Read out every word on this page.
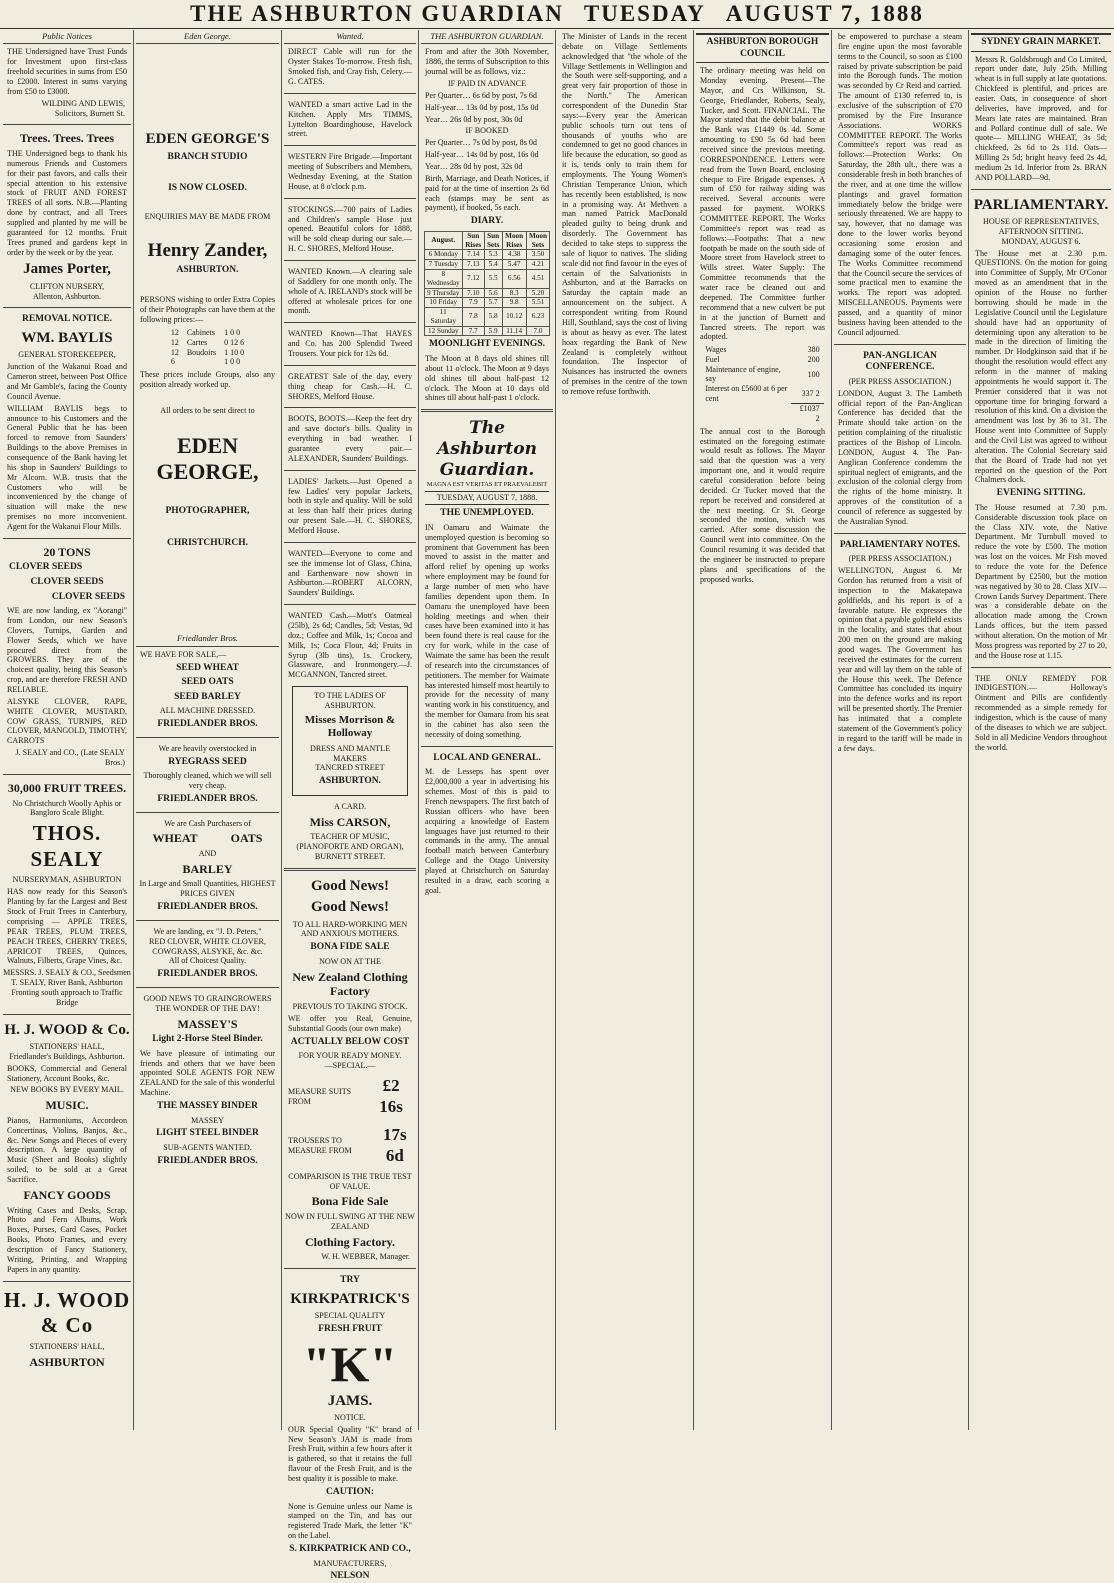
THE ASHBURTON GUARDIAN TUESDAY AUGUST 7, 1888
Public Notices
THE Undersigned have Trust Funds for Investment upon first-class freehold securities in sums from £50 to £2000. Interest in sums varying from £50 to £3000.
WILDING AND LEWIS, Solicitors, Burnett St.
Trees. Trees. Trees
THE Undersigned begs to thank his numerous Friends and Customers for their past favors, and calls their special attention to his extensive stock of FRUIT AND FOREST TREES of all sorts. N.B.—Planting done by contract, and all Trees supplied and planted by me will be guaranteed for 12 months. Fruit Trees pruned and gardens kept in order by the week or by the year.
James Porter,
CLIFTON NURSERY,
Allenton, Ashburton.
REMOVAL NOTICE.
WM. BAYLIS
GENERAL STOREKEEPER,
Junction of the Wakanui Road and Cameron street, between Post Office and Mr Gamble's, facing the County Council Avenue.
WILLIAM BAYLIS begs to announce to his Customers and the General Public that he has been forced to remove from Saunders' Buildings to the above Premises in consequence of the Bank having let his shop in Saunders' Buildings to Mr Alcorn. W.B. trusts that the Customers who will be inconvenienced by the change of situation will make the new premises no more inconvenient. Agent for the Wakanui Flour Mills.
20 TONS
CLOVER SEEDS
CLOVER SEEDS
CLOVER SEEDS
WE are now landing, ex "Aorangi" from London, our new Season's Clovers, Turnips, Garden and Flower Seeds, which we have procured direct from the GROWERS. They are of the choicest quality, being this Season's crop, and are therefore FRESH AND RELIABLE.
ALSYKE CLOVER, RAPE, WHITE CLOVER, MUSTARD, COW GRASS, TURNIPS, RED CLOVER, MANGOLD, TIMOTHY, CARROTS
J. SEALY and CO., (Late SEALY Bros.)
30,000 FRUIT TREES.
No Christchurch Woolly Aphis or Bangloro Scale Blight.
THOS. SEALY
NURSERYMAN, ASHBURTON
HAS now ready for this Season's Planting by far the Largest and Best Stock of Fruit Trees in Canterbury, comprising — APPLE TREES, PEAR TREES, PLUM TREES, PEACH TREES, CHERRY TREES, APRICOT TREES, Quinces, Walnuts, Filberts, Grape Vines, &c.
MESSRS. J. SEALY & CO., Seedsmen
T. SEALY, River Bank, Ashburton
Fronting south approach to Traffic Bridge
H. J. WOOD & Co.
STATIONERS' HALL,
Friedlander's Buildings, Ashburton.
BOOKS, Commercial and General Stationery, Account Books, &c.
NEW BOOKS BY EVERY MAIL.
MUSIC.
Pianos, Harmoniums, Accordeon Concertinas, Violins, Banjos, &c., &c. New Songs and Pieces of every description. A large quantity of Music (Sheet and Books) slightly soiled, to be sold at a Great Sacrifice.
FANCY GOODS
Writing Cases and Desks, Scrap, Photo and Fern Albums, Work Boxes, Purses, Card Cases, Pocket Books, Photo Frames, and every description of Fancy Stationery, Writing, Printing, and Wrapping Papers in any quantity.
H. J. WOOD & Co
STATIONERS' HALL,
ASHBURTON
Eden George.
EDEN GEORGE'S
BRANCH STUDIO
IS NOW CLOSED.
ENQUIRIES MAY BE MADE FROM
Henry Zander,
ASHBURTON.
PERSONS wishing to order Extra Copies of their Photographs can have them at the following prices:—
12	Cabinets	1 0 0
12	Cartes	0 12 6
12	Boudoirs	1 10 0
6		1 0 0
These prices include Groups, also any position already worked up.
All orders to be sent direct to
EDEN GEORGE,
PHOTOGRAPHER,
CHRISTCHURCH.
Friedlander Bros.
WE HAVE FOR SALE,—
SEED WHEAT
SEED OATS
SEED BARLEY
ALL MACHINE DRESSED.
FRIEDLANDER BROS.
We are heavily overstocked in
RYEGRASS SEED
Thoroughly cleaned, which we will sell very cheap.
FRIEDLANDER BROS.
We are Cash Purchasers of
WHEAT	OATS
AND
BARLEY
In Large and Small Quantities, HIGHEST PRICES GIVEN
FRIEDLANDER BROS.
We are landing, ex "J. D. Peters,"
RED CLOVER, WHITE CLOVER,
COWGRASS, ALSYKE, &c. &c.
All of Choicest Quality.
FRIEDLANDER BROS.
GOOD NEWS TO GRAINGROWERS
THE WONDER OF THE DAY!
MASSEY'S
Light 2-Horse Steel Binder.
We have pleasure of intimating our friends and others that we have been appointed SOLE AGENTS FOR NEW ZEALAND for the sale of this wonderful Machine.
THE MASSEY BINDER
MASSEY
LIGHT STEEL BINDER
SUB-AGENTS WANTED.
FRIEDLANDER BROS.
Wanted.
DIRECT Cable will run for the Oyster Stakes To-morrow. Fresh fish, Smoked fish, and Cray fish, Celery.—G. CATES.
WANTED a smart active Lad in the Kitchen. Apply Mrs TIMMS, Lyttelton Boardinghouse, Havelock street.
WESTERN Fire Brigade.—Important meeting of Subscribers and Members, Wednesday Evening, at the Station House, at 8 o'clock p.m.
STOCKINGS.—700 pairs of Ladies and Children's sample Hose just opened. Beautiful colors for 1888, will be sold cheap during our sale.—H. C. SHORES, Melford House.
WANTED Known.—A clearing sale of Saddlery for one month only. The whole of A. IRELAND's stock will be offered at wholesale prices for one month.
WANTED Known—That HAYES and Co. has 200 Splendid Tweed Trousers. Your pick for 12s 6d.
GREATEST Sale of the day, every thing cheap for Cash.—H. C. SHORES, Melford House.
BOOTS, BOOTS.—Keep the feet dry and save doctor's bills. Quality in everything in bad weather. I guarantee every pair.—ALEXANDER, Saunders' Buildings.
LADIES' Jackets.—Just Opened a few Ladies' very popular Jackets, both in style and quality. Will be sold at less than half their prices during our present Sale.—H. C. SHORES, Melford House.
WANTED—Everyone to come and see the immense lot of Glass, China, and Earthenware now shown in Ashburton.—ROBERT ALCORN, Saunders' Buildings.
WANTED Cash.—Mott's Oatmeal (25lb), 2s 6d; Candles, 5d; Vestas, 9d doz.; Coffee and Milk, 1s; Cocoa and Milk, 1s; Coca Flour, 4d; Fruits in Syrup (3lb tins), 1s. Crockery, Glassware, and Ironmongery.—J. MCGANNON, Tancred street.
TO THE LADIES OF ASHBURTON.
Misses Morrison & Holloway
DRESS AND MANTLE MAKERS
TANCRED STREET
ASHBURTON.
A CARD.
Miss CARSON,
TEACHER OF MUSIC,
(PIANOFORTE AND ORGAN),
BURNETT STREET.
Good News!
Good News!
TO ALL HARD-WORKING MEN AND ANXIOUS MOTHERS.
BONA FIDE SALE
NOW ON AT THE
New Zealand Clothing Factory
PREVIOUS TO TAKING STOCK.
WE offer you Real, Genuine, Substantial Goods (our own make)
ACTUALLY BELOW COST
FOR YOUR READY MONEY.
—SPECIAL.—
MEASURE SUITS FROM
£2 16s
TROUSERS TO MEASURE FROM
17s 6d
COMPARISON IS THE TRUE TEST OF VALUE.
Bona Fide Sale
NOW IN FULL SWING AT THE NEW ZEALAND
Clothing Factory.
W. H. WEBBER, Manager.
TRY
KIRKPATRICK'S
SPECIAL QUALITY
FRESH FRUIT
"K"
JAMS.
NOTICE.
OUR Special Quality "K" brand of New Season's JAM is made from Fresh Fruit, within a few hours after it is gathered, so that it retains the full flavour of the Fresh Fruit, and is the best quality it is possible to make.
CAUTION:
None is Genuine unless our Name is stamped on the Tin, and has our registered Trade Mark, the letter "K" on the Label.
S. KIRKPATRICK AND CO.,
MANUFACTURERS,
NELSON
THE ASHBURTON GUARDIAN.
From and after the 30th November, 1886, the terms of Subscription to this journal will be as follows, viz.:
IF PAID IN ADVANCE
Per Quarter… 6s 6d by post, 7s 6d
Half-year… 13s 0d by post, 15s 0d
Year… 26s 0d by post, 30s 0d
IF BOOKED
Per Quarter… 7s 0d by post, 8s 0d
Half-year… 14s 0d by post, 16s 0d
Year… 28s 0d by post, 32s 0d
Birth, Marriage, and Death Notices, if paid for at the time of insertion 2s 6d each (stamps may be sent as payment), if booked, 5s each.
DIARY.
August.	Sun Rises	Sun Sets	Moon Rises	Moon Sets
6 Monday	7.14	5.3	4.38	3.50
7 Tuesday	7.13	5.4	5.47	4.21
8 Wednesday	7.12	5.5	6.56	4.51
9 Thursday	7.10	5.6	8.3	5.20
10 Friday	7.9	5.7	9.8	5.51
11 Saturday	7.8	5.8	10.12	6.23
12 Sunday	7.7	5.9	11.14	7.0
MOONLIGHT EVENINGS.
The Moon at 8 days old shines till about 11 o'clock. The Moon at 9 days old shines till about half-past 12 o'clock. The Moon at 10 days old shines till about half-past 1 o'clock.
The Ashburton Guardian.
MAGNA EST VERITAS ET PRAEVALEBIT
TUESDAY, AUGUST 7, 1888.
THE UNEMPLOYED.
IN Oamaru and Waimate the unemployed question is becoming so prominent that Government has been moved to assist in the matter and afford relief by opening up works where employment may be found for a large number of men who have families dependent upon them. In Oamaru the unemployed have been holding meetings and when their cases have been examined into it has been found there is real cause for the cry for work, while in the case of Waimate the same has been the result of research into the circumstances of petitioners. The member for Waimate has interested himself most heartily to provide for the necessity of many wanting work in his constituency, and the member for Oamaru from his seat in the cabinet has also seen the necessity of doing something.
LOCAL AND GENERAL.
M. de Lesseps has spent over £2,000,000 a year in advertising his schemes. Most of this is paid to French newspapers. The first batch of Russian officers who have been acquiring a knowledge of Eastern languages have just returned to their commands in the army. The annual football match between Canterbury College and the Otago University played at Christchurch on Saturday resulted in a draw, each scoring a goal.
The Minister of Lands in the recent debate on Village Settlements acknowledged that "the whole of the Village Settlements in Wellington and the South were self-supporting, and a great very fair proportion of those in the North." The American correspondent of the Dunedin Star says:—Every year the American public schools turn out tens of thousands of youths who are condemned to get no good chances in life because the education, so good as it is, tends only to train them for employments. The Young Women's Christian Temperance Union, which has recently been established, is now in a promising way. At Methven a man named Patrick MacDonald pleaded guilty to being drunk and disorderly. The Government has decided to take steps to suppress the sale of liquor to natives. The sliding scale did not find favour in the eyes of certain of the Salvationists in Ashburton, and at the Barracks on Saturday the captain made an announcement on the subject. A correspondent writing from Round Hill, Southland, says the cost of living is about as heavy as ever. The latest hoax regarding the Bank of New Zealand is completely without foundation. The Inspector of Nuisances has instructed the owners of premises in the centre of the town to remove refuse forthwith.
ASHBURTON BOROUGH COUNCIL
The ordinary meeting was held on Monday evening. Present—The Mayor, and Crs Wilkinson, St. George, Friedlander, Roberts, Sealy, Tucker, and Scott. FINANCIAL. The Mayor stated that the debit balance at the Bank was £1449 0s 4d. Some amounting to £90 5s 6d had been received since the previous meeting. CORRESPONDENCE. Letters were read from the Town Board, enclosing cheque to Fire Brigade expenses. A sum of £50 for railway siding was received. Several accounts were passed for payment. WORKS COMMITTEE REPORT. The Works Committee's report was read as follows:—Footpaths: That a new footpath be made on the south side of Moore street from Havelock street to Wills street. Water Supply: The Committee recommends that the water race be cleaned out and deepened. The Committee further recommend that a new culvert be put in at the junction of Burnett and Tancred streets. The report was adopted.
Wages	380
Fuel	200
Maintenance of engine, say	100
Interest on £5600 at 6 per cent	337 2
	£1037 2
The annual cost to the Borough estimated on the foregoing estimate would result as follows. The Mayor said that the question was a very important one, and it would require careful consideration before being decided. Cr Tucker moved that the report be received and considered at the next meeting. Cr St. George seconded the motion, which was carried. After some discussion the Council went into committee. On the Council resuming it was decided that the engineer be instructed to prepare plans and specifications of the proposed works.
be empowered to purchase a steam fire engine upon the most favorable terms to the Council, so soon as £100 raised by private subscription be paid into the Borough funds. The motion was seconded by Cr Reid and carried. The amount of £130 referred to, is exclusive of the subscription of £70 promised by the Fire Insurance Associations. WORKS COMMITTEE REPORT. The Works Committee's report was read as follows:—Protection Works: On Saturday, the 28th ult., there was a considerable fresh in both branches of the river, and at one time the willow plantings and gravel formation immediately below the bridge were seriously threatened. We are happy to say, however, that no damage was done to the lower works beyond occasioning some erosion and damaging some of the outer fences. The Works Committee recommend that the Council secure the services of some practical men to examine the works. The report was adopted. MISCELLANEOUS. Payments were passed, and a quantity of minor business having been attended to the Council adjourned.
PAN-ANGLICAN CONFERENCE.
(PER PRESS ASSOCIATION.)
LONDON, August 3. The Lambeth official report of the Pan-Anglican Conference has decided that the Primate should take action on the petition complaining of the ritualistic practices of the Bishop of Lincoln. LONDON, August 4. The Pan-Anglican Conference condemns the spiritual neglect of emigrants, and the exclusion of the colonial clergy from the rights of the home ministry. It approves of the constitution of a council of reference as suggested by the Australian Synod.
PARLIAMENTARY NOTES.
(PER PRESS ASSOCIATION.)
WELLINGTON, August 6. Mr Gordon has returned from a visit of inspection to the Makatepawa goldfields, and his report is of a favorable nature. He expresses the opinion that a payable goldfield exists in the locality, and states that about 200 men on the ground are making good wages. The Government has received the estimates for the current year and will lay them on the table of the House this week. The Defence Committee has concluded its inquiry into the defence works and its report will be presented shortly. The Premier has intimated that a complete statement of the Government's policy in regard to the tariff will be made in a few days.
SYDNEY GRAIN MARKET.
Messrs R. Goldsbrough and Co Limited, report under date, July 25th. Milling wheat is in full supply at late quotations. Chickfeed is plentiful, and prices are easier. Oats, in consequence of short deliveries, have improved, and for Mears late rates are maintained. Bran and Pollard continue dull of sale. We quote— MILLING WHEAT, 3s 5d; chickfeed, 2s 6d to 2s 11d. Oats—Milling 2s 5d; bright heavy feed 2s 4d, medium 2s 1d. Inferior from 2s. BRAN AND POLLARD—9d.
PARLIAMENTARY.
HOUSE OF REPRESENTATIVES,
AFTERNOON SITTING.
MONDAY, AUGUST 6.
The House met at 2.30 p.m. QUESTIONS. On the motion for going into Committee of Supply, Mr O'Conor moved as an amendment that in the opinion of the House no further borrowing should be made in the Legislative Council until the Legislature should have had an opportunity of determining upon any alteration to be made in the direction of limiting the number. Dr Hodgkinson said that if he thought the resolution would effect any reform in the manner of making appointments he would support it. The Premier considered that it was not opportune time for bringing forward a resolution of this kind. On a division the amendment was lost by 36 to 31. The House went into Committee of Supply and the Civil List was agreed to without alteration. The Colonial Secretary said that the Board of Trade had not yet reported on the question of the Port Chalmers dock.
EVENING SITTING.
The House resumed at 7.30 p.m. Considerable discussion took place on the Class XIV. vote, the Native Department. Mr Turnbull moved to reduce the vote by £500. The motion was lost on the voices. Mr Fish moved to reduce the vote for the Defence Department by £2500, but the motion was negatived by 30 to 28. Class XIV—Crown Lands Survey Department. There was a considerable debate on the allocation made among the Crown Lands offices, but the item passed without alteration. On the motion of Mr Moss progress was reported by 27 to 20, and the House rose at 1.15.
THE ONLY REMEDY FOR INDIGESTION.— Holloway's Ointment and Pills are confidently recommended as a simple remedy for indigestion, which is the cause of many of the diseases to which we are subject. Sold in all Medicine Vendors throughout the world.
